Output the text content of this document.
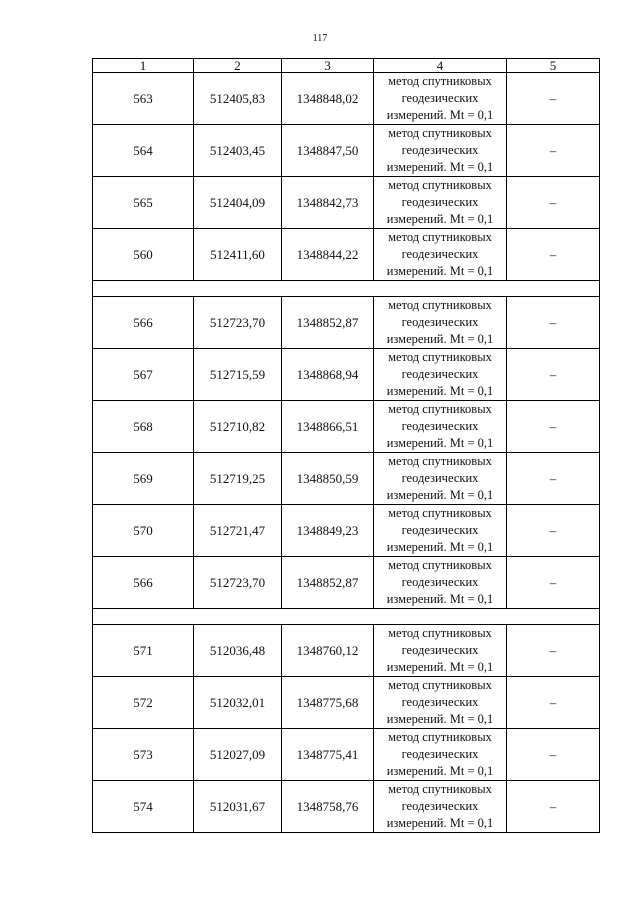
117
1	2	3	4	5
563	512405,83	1348848,02	метод спутниковых
геодезических
измерений. Mt = 0,1	–
564	512403,45	1348847,50	метод спутниковых
геодезических
измерений. Mt = 0,1	–
565	512404,09	1348842,73	метод спутниковых
геодезических
измерений. Mt = 0,1	–
560	512411,60	1348844,22	метод спутниковых
геодезических
измерений. Mt = 0,1	–

566	512723,70	1348852,87	метод спутниковых
геодезических
измерений. Mt = 0,1	–
567	512715,59	1348868,94	метод спутниковых
геодезических
измерений. Mt = 0,1	–
568	512710,82	1348866,51	метод спутниковых
геодезических
измерений. Mt = 0,1	–
569	512719,25	1348850,59	метод спутниковых
геодезических
измерений. Mt = 0,1	–
570	512721,47	1348849,23	метод спутниковых
геодезических
измерений. Mt = 0,1	–
566	512723,70	1348852,87	метод спутниковых
геодезических
измерений. Mt = 0,1	–

571	512036,48	1348760,12	метод спутниковых
геодезических
измерений. Mt = 0,1	–
572	512032,01	1348775,68	метод спутниковых
геодезических
измерений. Mt = 0,1	–
573	512027,09	1348775,41	метод спутниковых
геодезических
измерений. Mt = 0,1	–
574	512031,67	1348758,76	метод спутниковых
геодезических
измерений. Mt = 0,1	–
